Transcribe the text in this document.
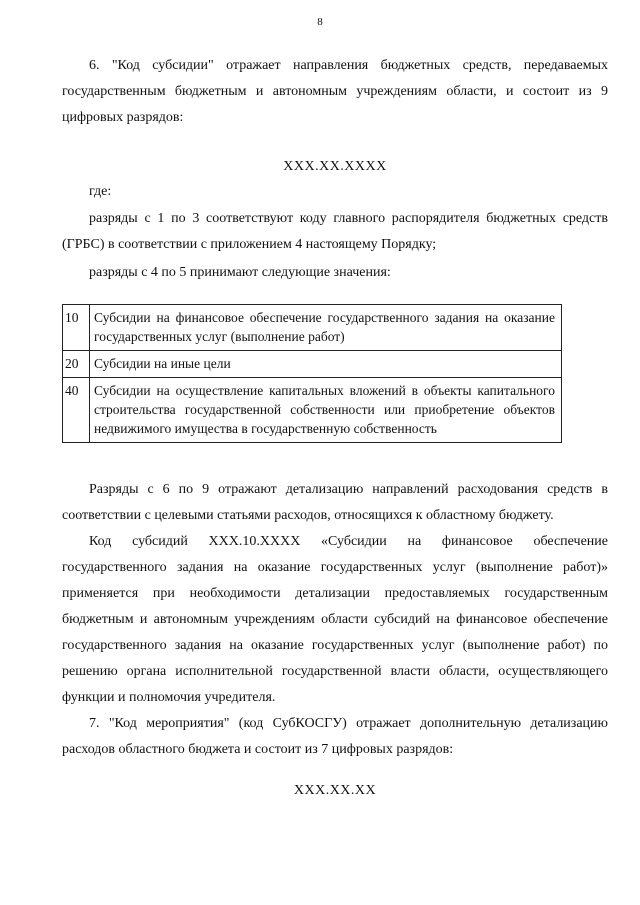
8

6. "Код субсидии" отражает направления бюджетных средств, передаваемых государственным бюджетным и автономным учреждениям области, и состоит из 9 цифровых разрядов:

XXX.XX.XXXX

где:

разряды с 1 по 3 соответствуют коду главного распорядителя бюджетных средств (ГРБС) в соответствии с приложением 4 настоящему Порядку;

разряды с 4 по 5 принимают следующие значения:

10	Субсидии на финансовое обеспечение государственного задания на оказание государственных услуг (выполнение работ)
20	Субсидии на иные цели
40	Субсидии на осуществление капитальных вложений в объекты капитального строительства государственной собственности или приобретение объектов недвижимого имущества в государственную собственность

Разряды с 6 по 9 отражают детализацию направлений расходования средств в соответствии с целевыми статьями расходов, относящихся к областному бюджету.

Код субсидий XXX.10.XXXX «Субсидии на финансовое обеспечение государственного задания на оказание государственных услуг (выполнение работ)» применяется при необходимости детализации предоставляемых государственным бюджетным и автономным учреждениям области субсидий на финансовое обеспечение государственного задания на оказание государственных услуг (выполнение работ) по решению органа исполнительной государственной власти области, осуществляющего функции и полномочия учредителя.

7. "Код мероприятия" (код СубКОСГУ) отражает дополнительную детализацию расходов областного бюджета и состоит из 7 цифровых разрядов:

XXX.XX.XX
